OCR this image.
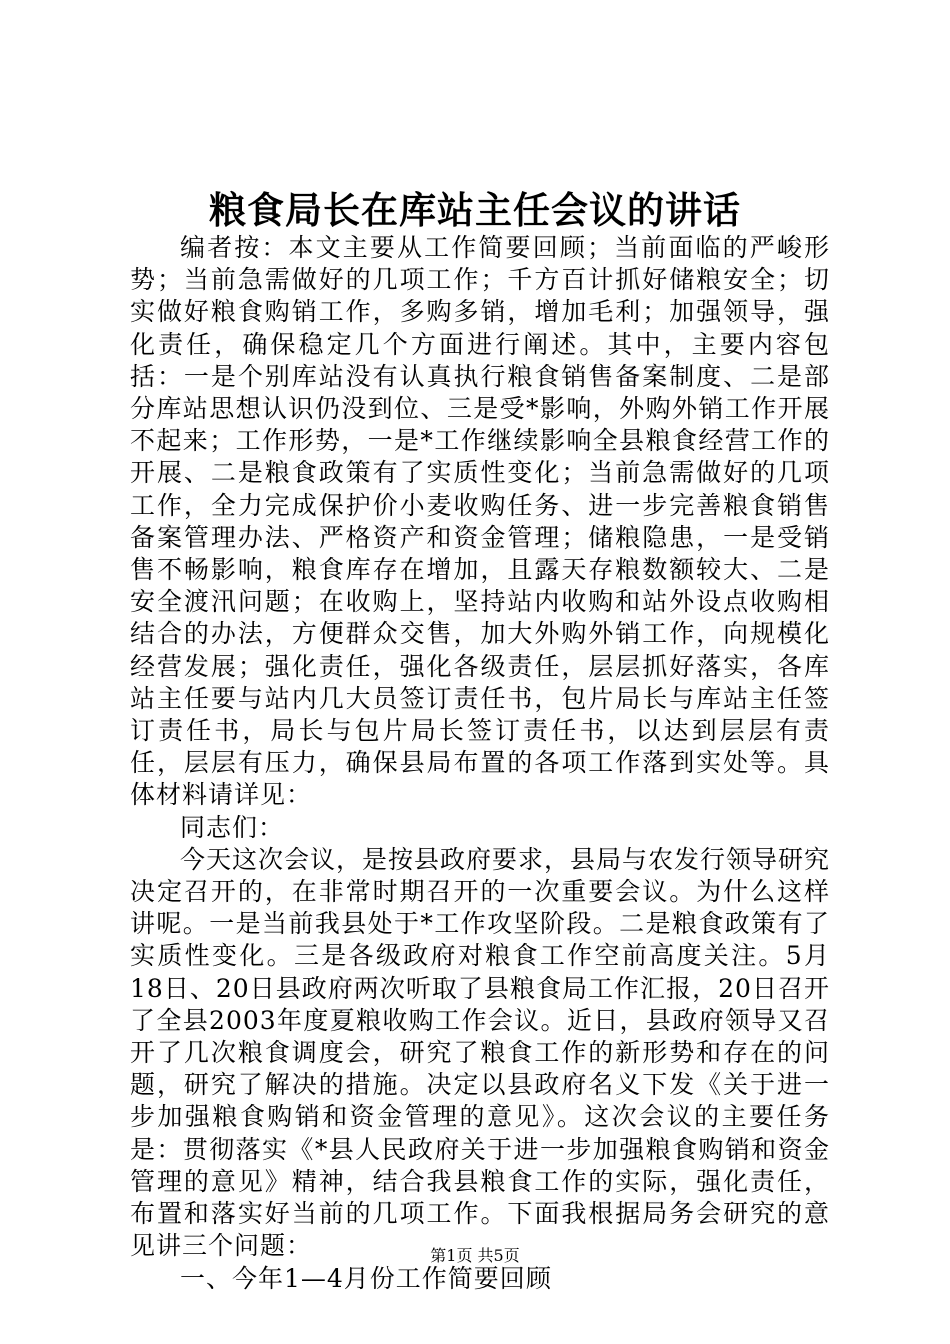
粮食局长在库站主任会议的讲话

编者按：本文主要从工作简要回顾；当前面临的严峻形势；当前急需做好的几项工作；千方百计抓好储粮安全；切实做好粮食购销工作，多购多销，增加毛利；加强领导，强化责任，确保稳定几个方面进行阐述。其中，主要内容包括：一是个别库站没有认真执行粮食销售备案制度、二是部分库站思想认识仍没到位、三是受*影响，外购外销工作开展不起来；工作形势，一是*工作继续影响全县粮食经营工作的开展、二是粮食政策有了实质性变化；当前急需做好的几项工作，全力完成保护价小麦收购任务、进一步完善粮食销售备案管理办法、严格资产和资金管理；储粮隐患，一是受销售不畅影响，粮食库存在增加，且露天存粮数额较大、二是安全渡汛问题；在收购上，坚持站内收购和站外设点收购相结合的办法，方便群众交售，加大外购外销工作，向规模化经营发展；强化责任，强化各级责任，层层抓好落实，各库站主任要与站内几大员签订责任书，包片局长与库站主任签订责任书，局长与包片局长签订责任书，以达到层层有责任，层层有压力，确保县局布置的各项工作落到实处等。具体材料请详见：

同志们：

今天这次会议，是按县政府要求，县局与农发行领导研究决定召开的，在非常时期召开的一次重要会议。为什么这样讲呢。一是当前我县处于*工作攻坚阶段。二是粮食政策有了实质性变化。三是各级政府对粮食工作空前高度关注。5月18日、20日县政府两次听取了县粮食局工作汇报，20日召开了全县2003年度夏粮收购工作会议。近日，县政府领导又召开了几次粮食调度会，研究了粮食工作的新形势和存在的问题，研究了解决的措施。决定以县政府名义下发《关于进一步加强粮食购销和资金管理的意见》。这次会议的主要任务是：贯彻落实《*县人民政府关于进一步加强粮食购销和资金管理的意见》精神，结合我县粮食工作的实际，强化责任，布置和落实好当前的几项工作。下面我根据局务会研究的意见讲三个问题：

一、今年1—4月份工作简要回顾

第1页 共5页
